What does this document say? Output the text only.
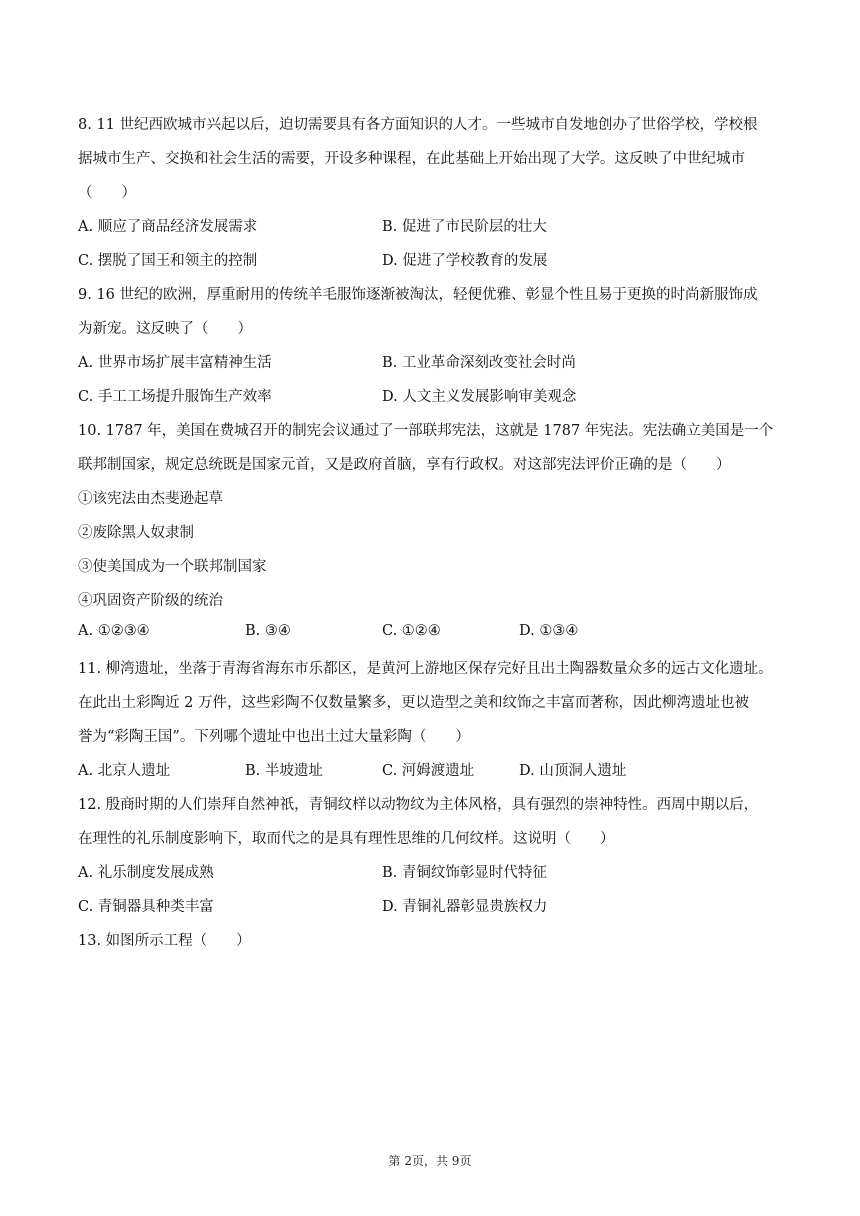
8. 11 世纪西欧城市兴起以后，迫切需要具有各方面知识的人才。一些城市自发地创办了世俗学校，学校根
据城市生产、交换和社会生活的需要，开设多种课程，在此基础上开始出现了大学。这反映了中世纪城市
（　　）
A. 顺应了商品经济发展需求	B. 促进了市民阶层的壮大
C. 摆脱了国王和领主的控制	D. 促进了学校教育的发展
9. 16 世纪的欧洲，厚重耐用的传统羊毛服饰逐渐被淘汰，轻便优雅、彰显个性且易于更换的时尚新服饰成
为新宠。这反映了（　　）
A. 世界市场扩展丰富精神生活	B. 工业革命深刻改变社会时尚
C. 手工工场提升服饰生产效率	D. 人文主义发展影响审美观念
10. 1787 年，美国在费城召开的制宪会议通过了一部联邦宪法，这就是 1787 年宪法。宪法确立美国是一个
联邦制国家，规定总统既是国家元首，又是政府首脑，享有行政权。对这部宪法评价正确的是（　　）
①该宪法由杰斐逊起草
②废除黑人奴隶制
③使美国成为一个联邦制国家
④巩固资产阶级的统治
A. ①②③④	B. ③④	C. ①②④	D. ①③④
11. 柳湾遗址，坐落于青海省海东市乐都区，是黄河上游地区保存完好且出土陶器数量众多的远古文化遗址。
在此出土彩陶近 2 万件，这些彩陶不仅数量繁多，更以造型之美和纹饰之丰富而著称，因此柳湾遗址也被
誉为“彩陶王国”。下列哪个遗址中也出土过大量彩陶（　　）
A. 北京人遗址	B. 半坡遗址	C. 河姆渡遗址	D. 山顶洞人遗址
12. 殷商时期的人们崇拜自然神祇，青铜纹样以动物纹为主体风格，具有强烈的崇神特性。西周中期以后，
在理性的礼乐制度影响下，取而代之的是具有理性思维的几何纹样。这说明（　　）
A. 礼乐制度发展成熟	B. 青铜纹饰彰显时代特征
C. 青铜器具种类丰富	D. 青铜礼器彰显贵族权力
13. 如图所示工程（　　）
第 2页，共 9页
